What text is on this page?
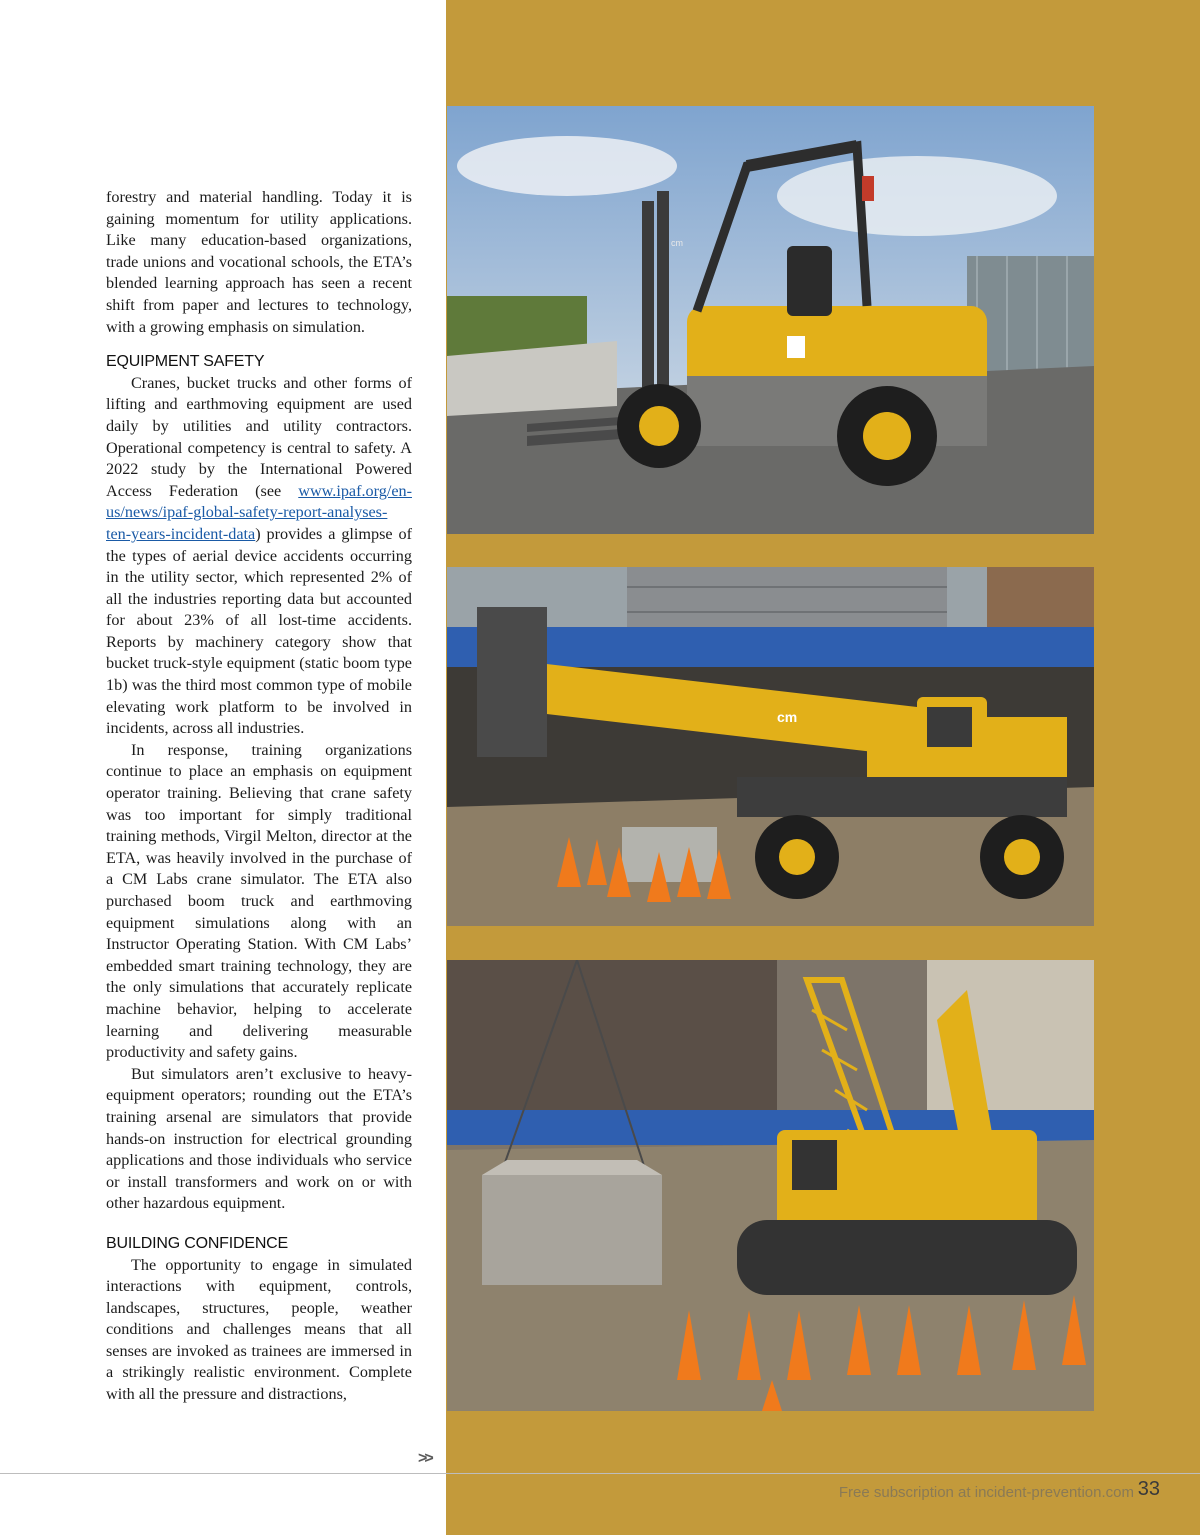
cm
cm

forestry and material handling. Today it is gaining momentum for utility applications. Like many education-based organizations, trade unions and vocational schools, the ETA’s blended learning approach has seen a recent shift from paper and lectures to technology, with a growing emphasis on simulation.

EQUIPMENT SAFETY

Cranes, bucket trucks and other forms of lifting and earthmoving equipment are used daily by utilities and utility contractors. Operational competency is central to safety. A 2022 study by the International Powered Access Federation (see www.ipaf.org/en-us/news/ipaf-global-safety-report-analyses-ten-years-incident-data) provides a glimpse of the types of aerial device accidents occurring in the utility sector, which represented 2% of all the industries reporting data but accounted for about 23% of all lost-time accidents. Reports by machinery category show that bucket truck-style equipment (static boom type 1b) was the third most common type of mobile elevating work platform to be involved in incidents, across all industries.

In response, training organizations continue to place an emphasis on equipment operator training. Believing that crane safety was too important for simply traditional training methods, Virgil Melton, director at the ETA, was heavily involved in the purchase of a CM Labs crane simulator. The ETA also purchased boom truck and earthmoving equipment simulations along with an Instructor Operating Station. With CM Labs’ embedded smart training technology, they are the only simulations that accurately replicate machine behavior, helping to accelerate learning and delivering measurable productivity and safety gains.

But simulators aren’t exclusive to heavy-equipment operators; rounding out the ETA’s training arsenal are simulators that provide hands-on instruction for electrical grounding applications and those individuals who service or install transformers and work on or with other hazardous equipment.

BUILDING CONFIDENCE

The opportunity to engage in simulated interactions with equipment, controls, landscapes, structures, people, weather conditions and challenges means that all senses are invoked as trainees are immersed in a strikingly realistic environment. Complete with all the pressure and distractions,

>>
Free subscription at incident-prevention.com 33
